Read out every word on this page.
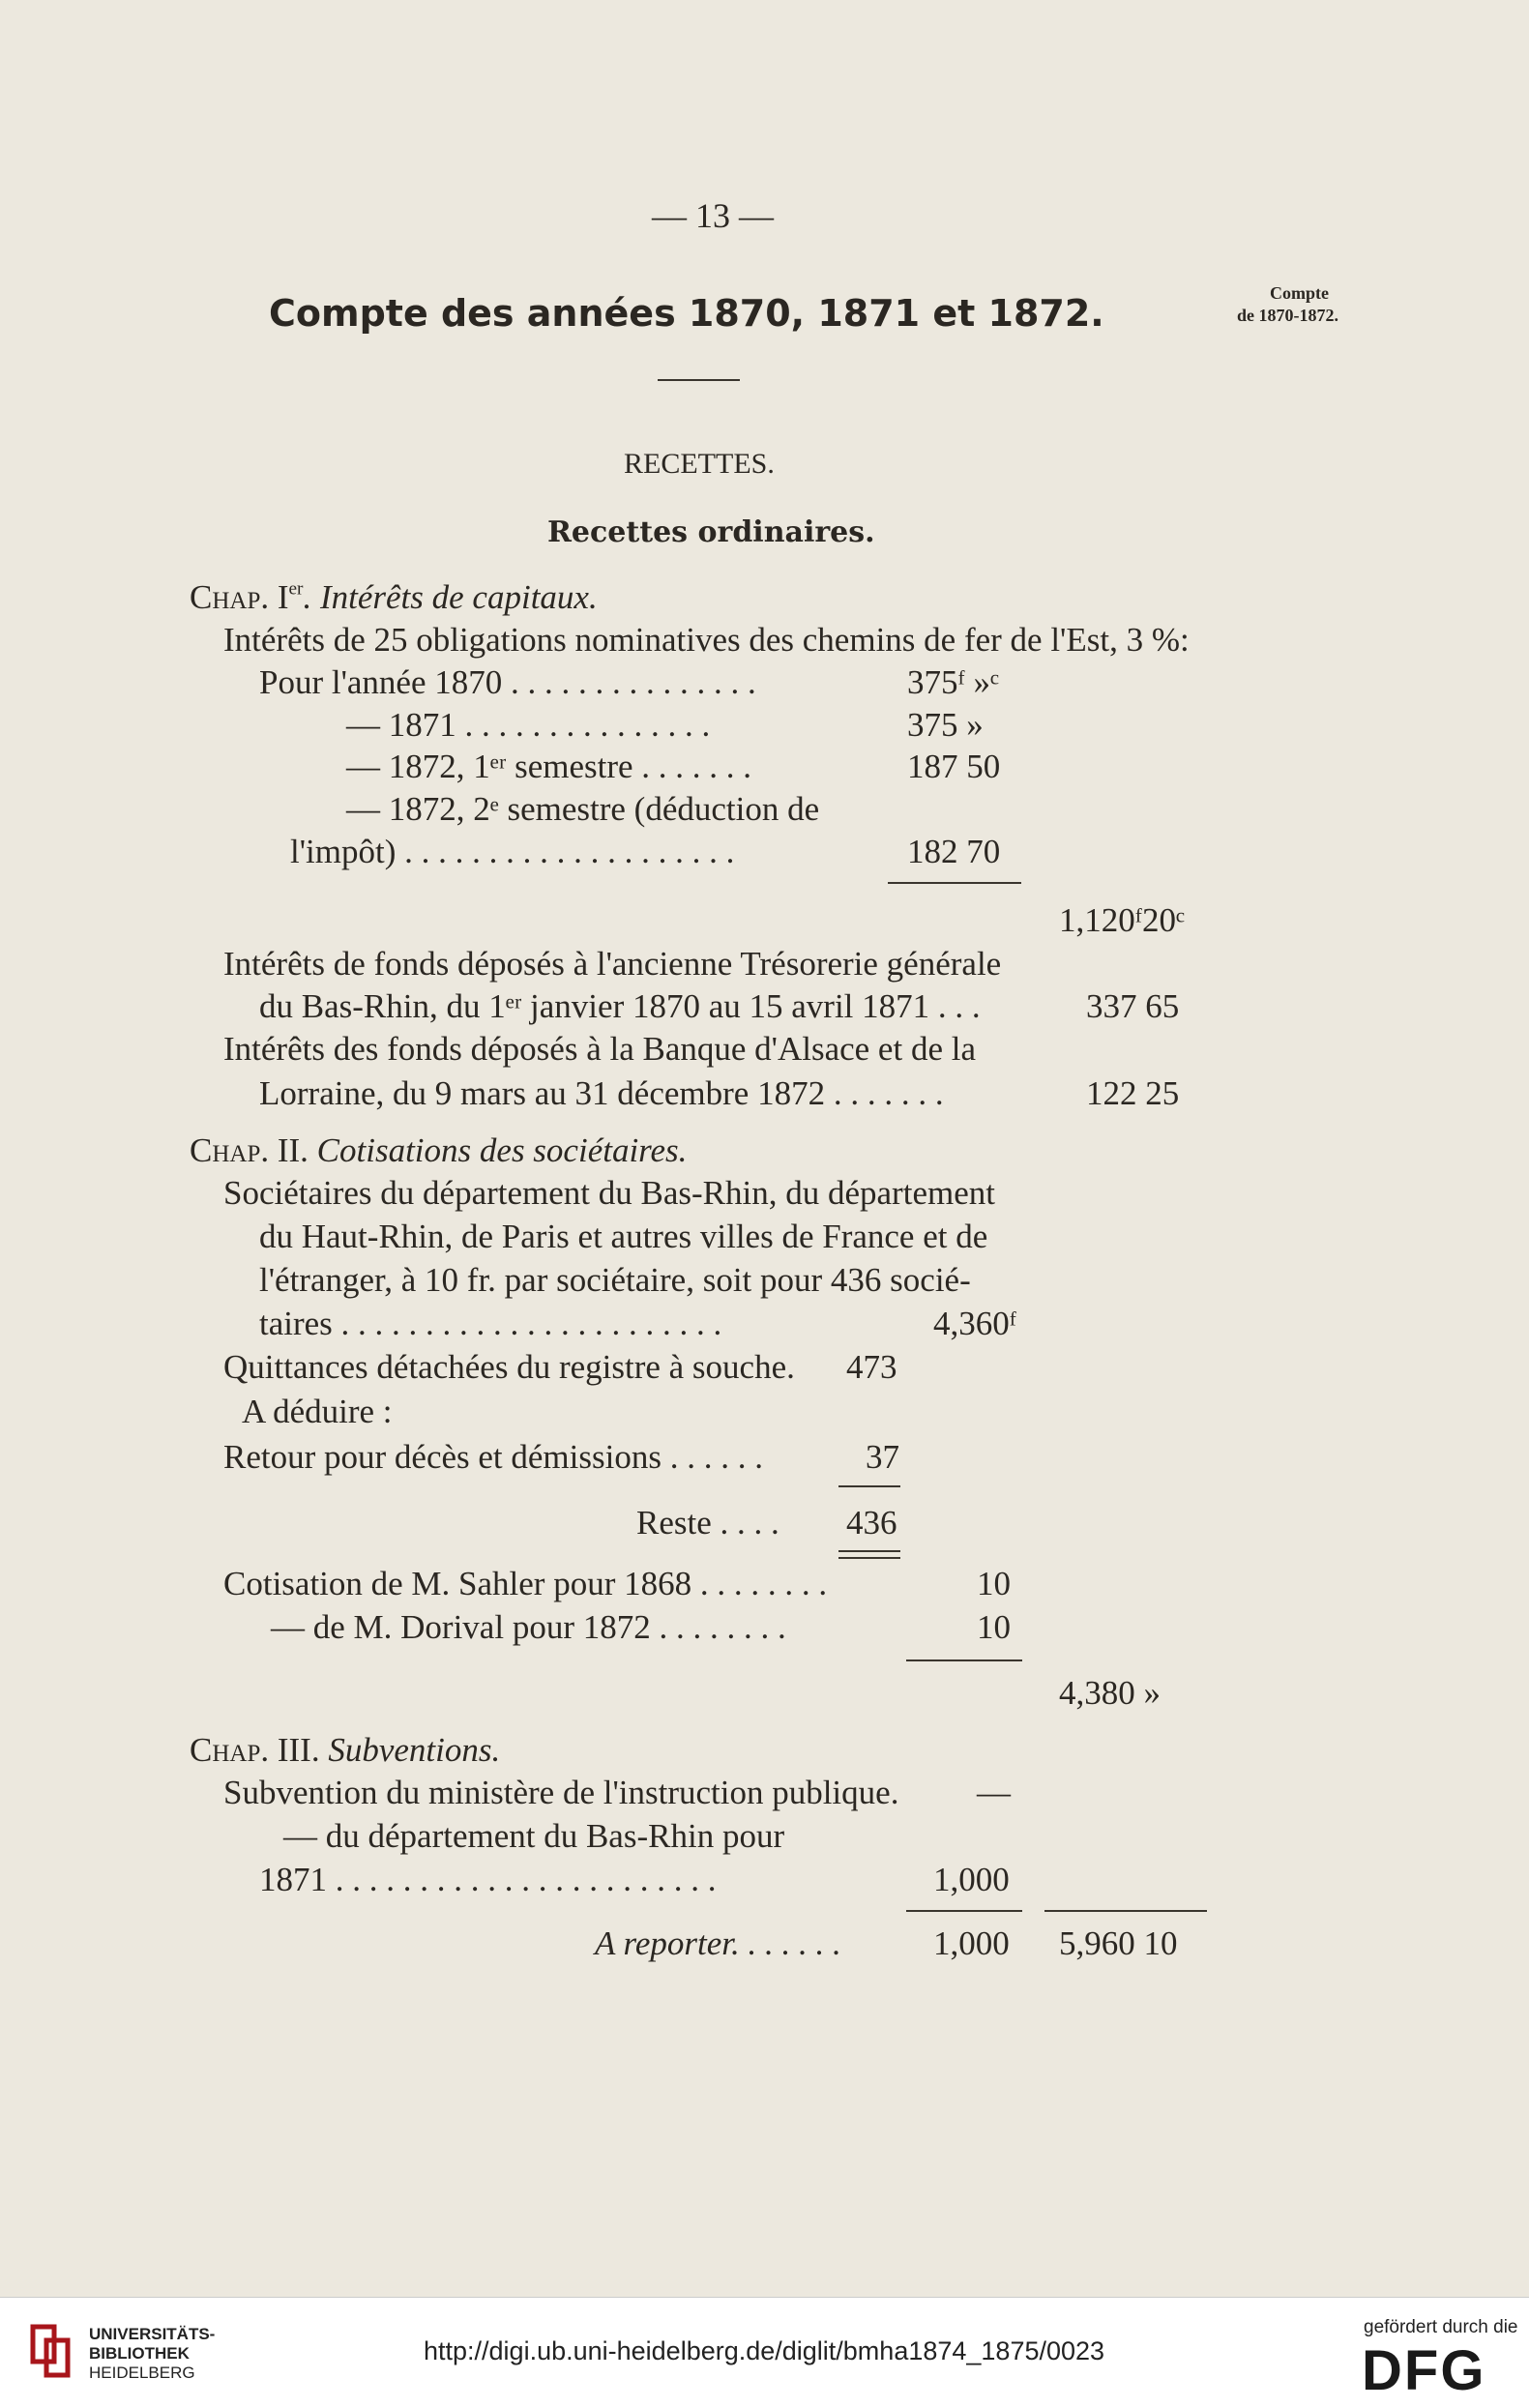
— 13 —
Compte des années 1870, 1871 et 1872.	Compte
de 1870-1872.
RECETTES.
Recettes ordinaires.
Chap. Ier. Intérêts de capitaux.
Intérêts de 25 obligations nominatives des chemins de fer de l'Est, 3 %:
Pour l'année 1870 . . . . . . . . . . . . . . .	375ᶠ »ᶜ
— 1871 . . . . . . . . . . . . . . .	375 »
— 1872, 1ᵉʳ semestre . . . . . . .	187 50
— 1872, 2ᵉ semestre (déduction de
l'impôt) . . . . . . . . . . . . . . . . . . . .	182 70
1,120ᶠ20ᶜ
Intérêts de fonds déposés à l'ancienne Trésorerie générale
du Bas-Rhin, du 1ᵉʳ janvier 1870 au 15 avril 1871 . . .	337 65
Intérêts des fonds déposés à la Banque d'Alsace et de la
Lorraine, du 9 mars au 31 décembre 1872 . . . . . . .	122 25
Chap. II. Cotisations des sociétaires.
Sociétaires du département du Bas-Rhin, du département
du Haut-Rhin, de Paris et autres villes de France et de
l'étranger, à 10 fr. par sociétaire, soit pour 436 socié-
taires . . . . . . . . . . . . . . . . . . . . . . .	4,360ᶠ
Quittances détachées du registre à souche. 473
A déduire :
Retour pour décès et démissions . . . . . .	37
Reste . . . . 436
Cotisation de M. Sahler pour 1868 . . . . . . . .	10
— de M. Dorival pour 1872 . . . . . . . .	10
4,380 »
Chap. III. Subventions.
Subvention du ministère de l'instruction publique. —
— du département du Bas-Rhin pour
1871 . . . . . . . . . . . . . . . . . . . . . . .	1,000
A reporter. . . . . . .	1,000 5,960 10
UNIVERSITÄTS-
BIBLIOTHEK
HEIDELBERG
http://digi.ub.uni-heidelberg.de/diglit/bmha1874_1875/0023
gefördert durch die
DFG
